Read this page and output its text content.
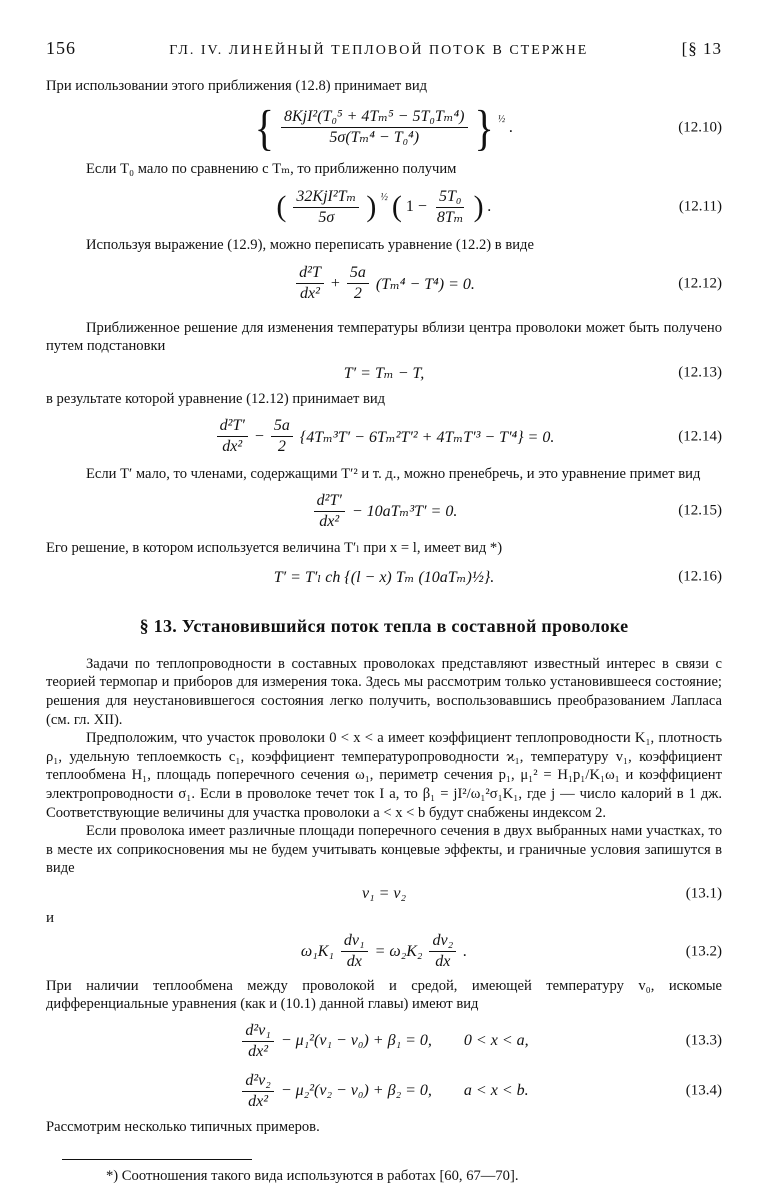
156	ГЛ. IV. ЛИНЕЙНЫЙ ТЕПЛОВОЙ ПОТОК В СТЕРЖНЕ	[§ 13

При использовании этого приближения (12.8) принимает вид

{ $\frac{\text{8KjI²(T₀⁵ + 4Tₘ⁵ − 5T₀Tₘ⁴)}}{\text{5σ(Tₘ⁴ − T₀⁴)}}$ } $^{\frac{1}{2}}$ .	(12.10)

Если T₀ мало по сравнению с Tₘ, то приближенно получим

( $\frac{\text{32KjI²Tₘ}}{5\sigma}$ ) $^{\frac{1}{2}}$ ( $1 - \frac{\text{5T₀}}{\text{8Tₘ}}$ ) .	(12.11)

Используя выражение (12.9), можно переписать уравнение (12.2) в виде

$\frac{\text{d²T}}{\text{dx²}} + \frac{5a}{2} (T_m^4 - T^4) = 0$.	(12.12)

Приближенное решение для изменения температуры вблизи центра проволоки может быть получено путем подстановки

T′ = Tₘ − T,	(12.13)

в результате которой уравнение (12.12) принимает вид

$\frac{\text{d²T′}}{\text{dx²}} - \frac{5a}{2} \{4T_m^3T' - 6T_m^2T'^2 + 4T_mT'^3 - T'^4\} = 0$.	(12.14)

Если T′ мало, то членами, содержащими T′² и т. д., можно пренебречь, и это уравнение примет вид

$\frac{\text{d²T′}}{\text{dx²}} - 10aT_m^3T' = 0$.	(12.15)

Его решение, в котором используется величина T′ₗ при x = l, имеет вид *)

T′ = T′ₗ ch {(l − x) Tₘ (10aTₘ)½}.	(12.16)
§ 13. Установившийся поток тепла в составной проволоке

Задачи по теплопроводности в составных проволоках представляют известный интерес в связи с теорией термопар и приборов для измерения тока. Здесь мы рассмотрим только установившееся состояние; решения для неустановившегося состояния легко получить, воспользовавшись преобразованием Лапласа (см. гл. XII).

Предположим, что участок проволоки 0 < x < a имеет коэффициент теплопроводности K₁, плотность ρ₁, удельную теплоемкость c₁, коэффициент температуропроводности ϰ₁, температуру v₁, коэффициент теплообмена H₁, площадь поперечного сечения ω₁, периметр сечения p₁, μ₁² = H₁p₁/K₁ω₁ и коэффициент электропроводности σ₁. Если в проволоке течет ток I a, то β₁ = jI²/ω₁²σ₁K₁, где j — число калорий в 1 дж. Соответствующие величины для участка проволоки a < x < b будут снабжены индексом 2.

Если проволока имеет различные площади поперечного сечения в двух выбранных нами участках, то в месте их соприкосновения мы не будем учитывать концевые эффекты, и граничные условия запишутся в виде

v₁ = v₂	(13.1)

и

$\omega_1K_1 \frac{\text{dv₁}}{dx} = \omega_2K_2 \frac{\text{dv₂}}{dx}$ .	(13.2)

При наличии теплообмена между проволокой и средой, имеющей температуру v₀, искомые дифференциальные уравнения (как и (10.1) данной главы) имеют вид

$\frac{\text{d²v₁}}{\text{dx²}} - \mu_1^2(v_1 - v_0) + \beta_1 = 0$, 0 < x < a,	(13.3)
$\frac{\text{d²v₂}}{\text{dx²}} - \mu_2^2(v_2 - v_0) + \beta_2 = 0$, a < x < b.	(13.4)

Рассмотрим несколько типичных примеров.

*) Соотношения такого вида используются в работах [60, 67—70].
